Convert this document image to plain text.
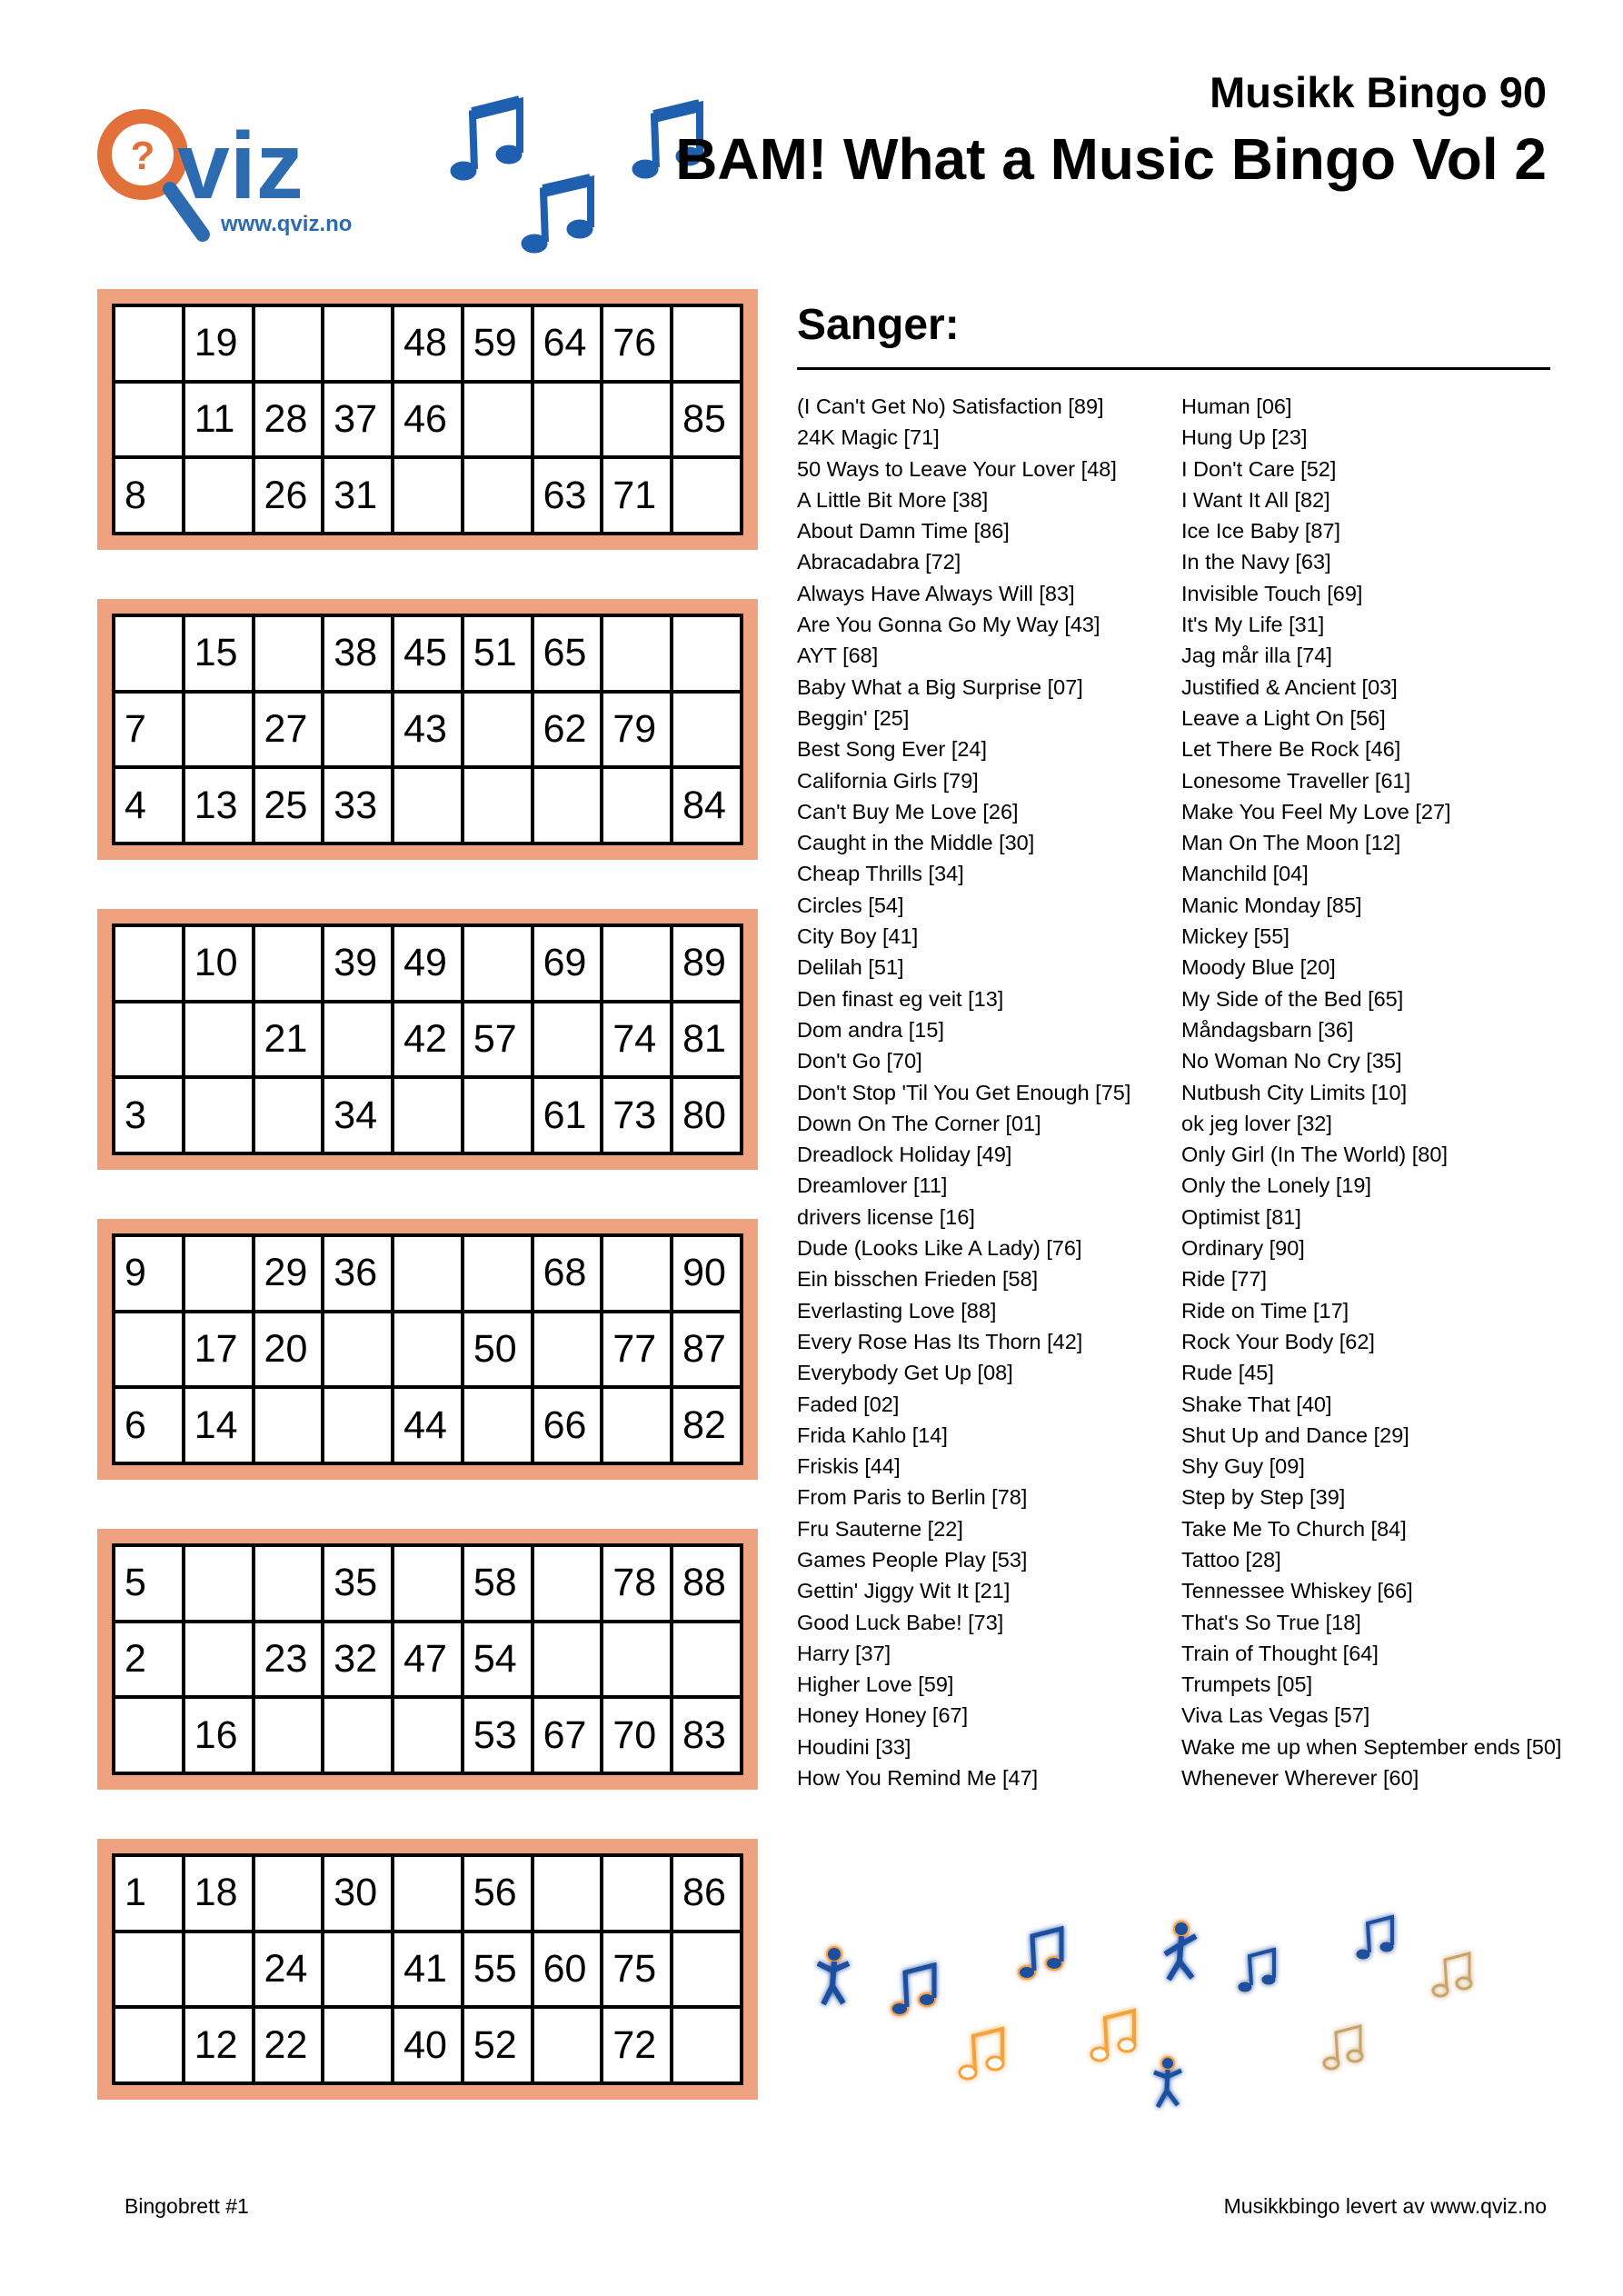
? viz
www.qviz.no
Musikk Bingo 90
BAM! What a Music Bingo Vol 2
	19			48	59	64	76	
	11	28	37	46				85
8		26	31			63	71	
	15		38	45	51	65		
7		27		43		62	79	
4	13	25	33					84
	10		39	49		69		89
		21		42	57		74	81
3			34			61	73	80
9		29	36			68		90
	17	20			50		77	87
6	14			44		66		82
5			35		58		78	88
2		23	32	47	54			
	16				53	67	70	83
1	18		30		56			86
		24		41	55	60	75	
	12	22		40	52		72	
Sanger:
(I Can't Get No) Satisfaction [89]
24K Magic [71]
50 Ways to Leave Your Lover [48]
A Little Bit More [38]
About Damn Time [86]
Abracadabra [72]
Always Have Always Will [83]
Are You Gonna Go My Way [43]
AYT [68]
Baby What a Big Surprise [07]
Beggin' [25]
Best Song Ever [24]
California Girls [79]
Can't Buy Me Love [26]
Caught in the Middle [30]
Cheap Thrills [34]
Circles [54]
City Boy [41]
Delilah [51]
Den finast eg veit [13]
Dom andra [15]
Don't Go [70]
Don't Stop 'Til You Get Enough [75]
Down On The Corner [01]
Dreadlock Holiday [49]
Dreamlover [11]
drivers license [16]
Dude (Looks Like A Lady) [76]
Ein bisschen Frieden [58]
Everlasting Love [88]
Every Rose Has Its Thorn [42]
Everybody Get Up [08]
Faded [02]
Frida Kahlo [14]
Friskis [44]
From Paris to Berlin [78]
Fru Sauterne [22]
Games People Play [53]
Gettin' Jiggy Wit It [21]
Good Luck Babe! [73]
Harry [37]
Higher Love [59]
Honey Honey [67]
Houdini [33]
How You Remind Me [47]
Human [06]
Hung Up [23]
I Don't Care [52]
I Want It All [82]
Ice Ice Baby [87]
In the Navy [63]
Invisible Touch [69]
It's My Life [31]
Jag mår illa [74]
Justified & Ancient [03]
Leave a Light On [56]
Let There Be Rock [46]
Lonesome Traveller [61]
Make You Feel My Love [27]
Man On The Moon [12]
Manchild [04]
Manic Monday [85]
Mickey [55]
Moody Blue [20]
My Side of the Bed [65]
Måndagsbarn [36]
No Woman No Cry [35]
Nutbush City Limits [10]
ok jeg lover [32]
Only Girl (In The World) [80]
Only the Lonely [19]
Optimist [81]
Ordinary [90]
Ride [77]
Ride on Time [17]
Rock Your Body [62]
Rude [45]
Shake That [40]
Shut Up and Dance [29]
Shy Guy [09]
Step by Step [39]
Take Me To Church [84]
Tattoo [28]
Tennessee Whiskey [66]
That's So True [18]
Train of Thought [64]
Trumpets [05]
Viva Las Vegas [57]
Wake me up when September ends [50]
Whenever Wherever [60]
Bingobrett #1	Musikkbingo levert av www.qviz.no
